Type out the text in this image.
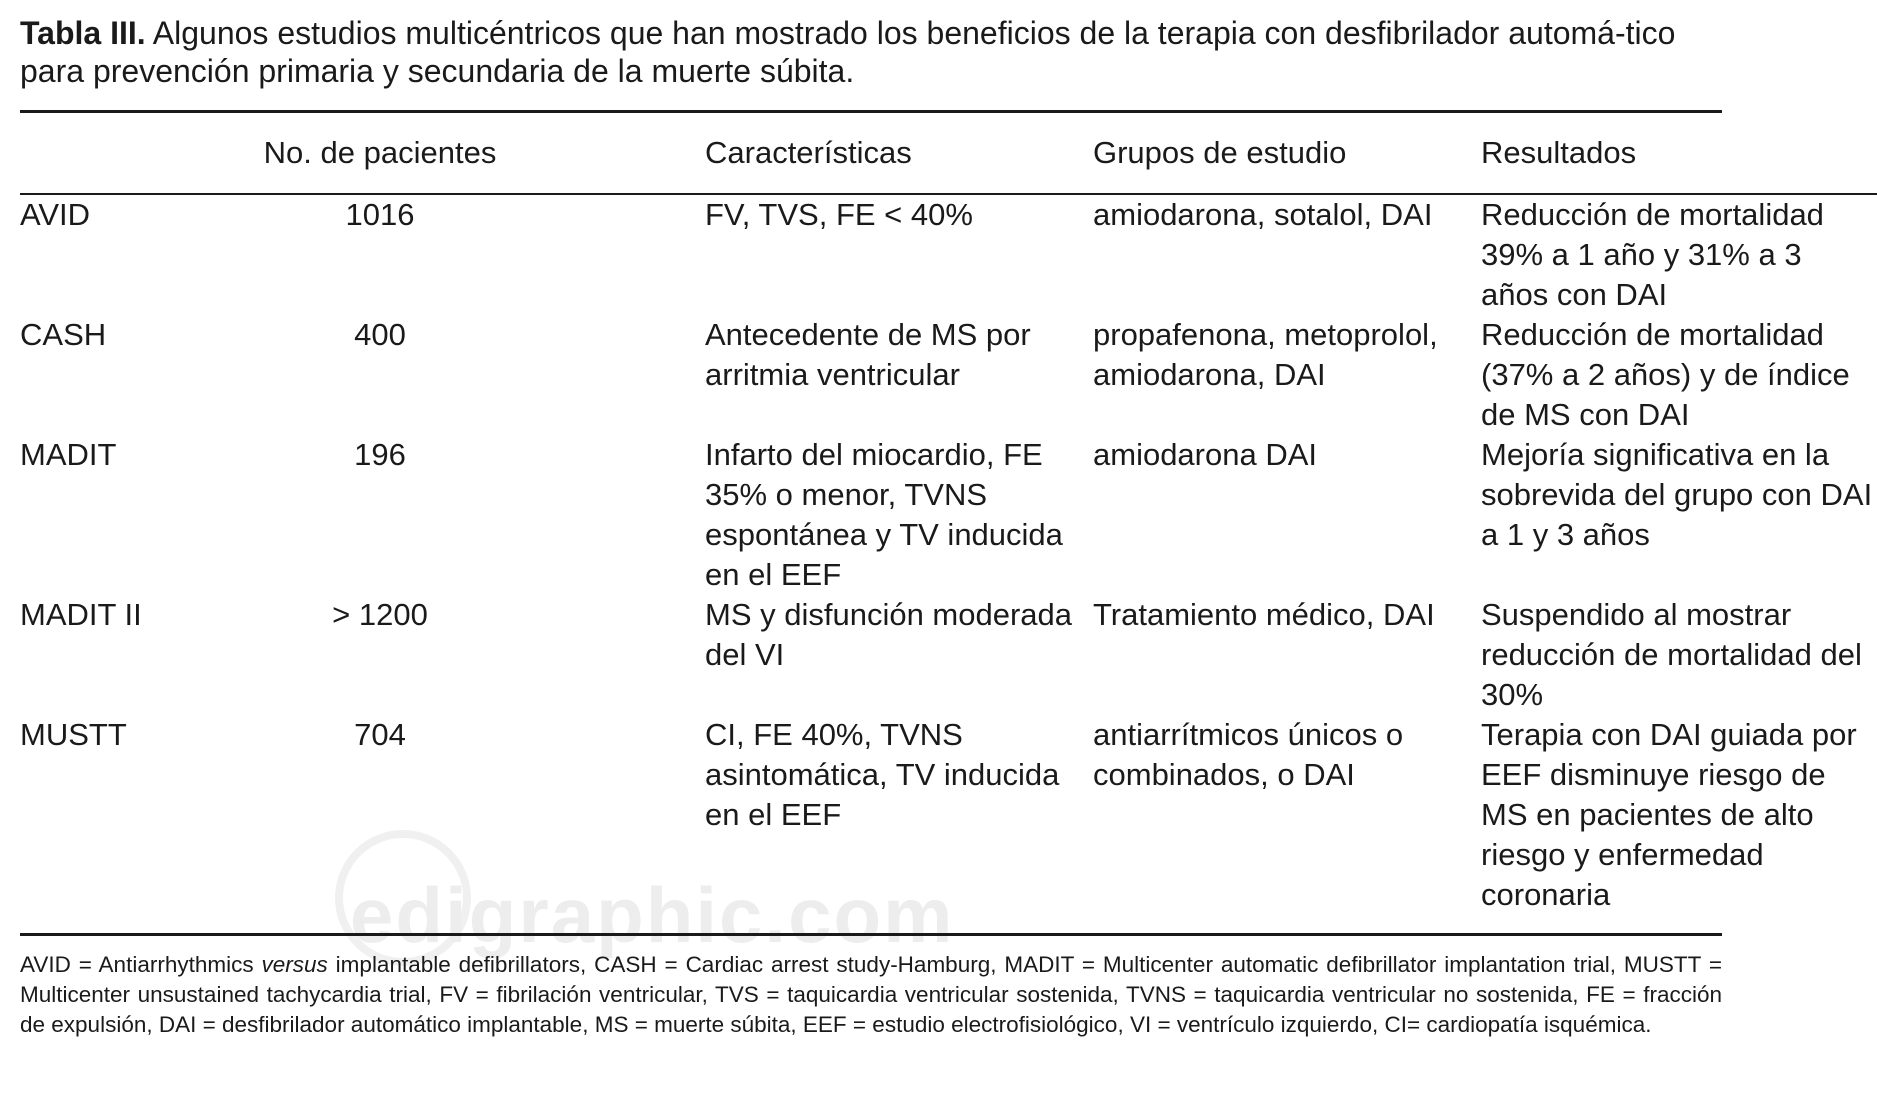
edigraphic.com

Tabla III. Algunos estudios multicéntricos que han mostrado los beneficios de la terapia con desfibrilador automá-tico para prevención primaria y secundaria de la muerte súbita.

	No. de pacientes	Características	Grupos de estudio	Resultados

AVID	1016	FV, TVS, FE < 40%	amiodarona, sotalol, DAI	Reducción de mortalidad 39% a 1 año y 31% a 3 años con DAI
CASH	400	Antecedente de MS por arritmia ventricular	propafenona, metoprolol, amiodarona, DAI	Reducción de mortalidad (37% a 2 años) y de índice de MS con DAI
MADIT	196	Infarto del miocardio, FE 35% o menor, TVNS espontánea y TV inducida en el EEF	amiodarona DAI	Mejoría significativa en la sobrevida del grupo con DAI a 1 y 3 años
MADIT II	> 1200	MS y disfunción moderada del VI	Tratamiento médico, DAI	Suspendido al mostrar reducción de mortalidad del 30%
MUSTT	704	CI, FE 40%, TVNS asintomática, TV inducida en el EEF	antiarrítmicos únicos o combinados, o DAI	Terapia con DAI guiada por EEF disminuye riesgo de MS en pacientes de alto riesgo y enfermedad coronaria

AVID = Antiarrhythmics versus implantable defibrillators, CASH = Cardiac arrest study-Hamburg, MADIT = Multicenter automatic defibrillator implantation trial, MUSTT = Multicenter unsustained tachycardia trial, FV = fibrilación ventricular, TVS = taquicardia ventricular sostenida, TVNS = taquicardia ventricular no sostenida, FE = fracción de expulsión, DAI = desfibrilador automático implantable, MS = muerte súbita, EEF = estudio electrofisiológico, VI = ventrículo izquierdo, CI= cardiopatía isquémica.
